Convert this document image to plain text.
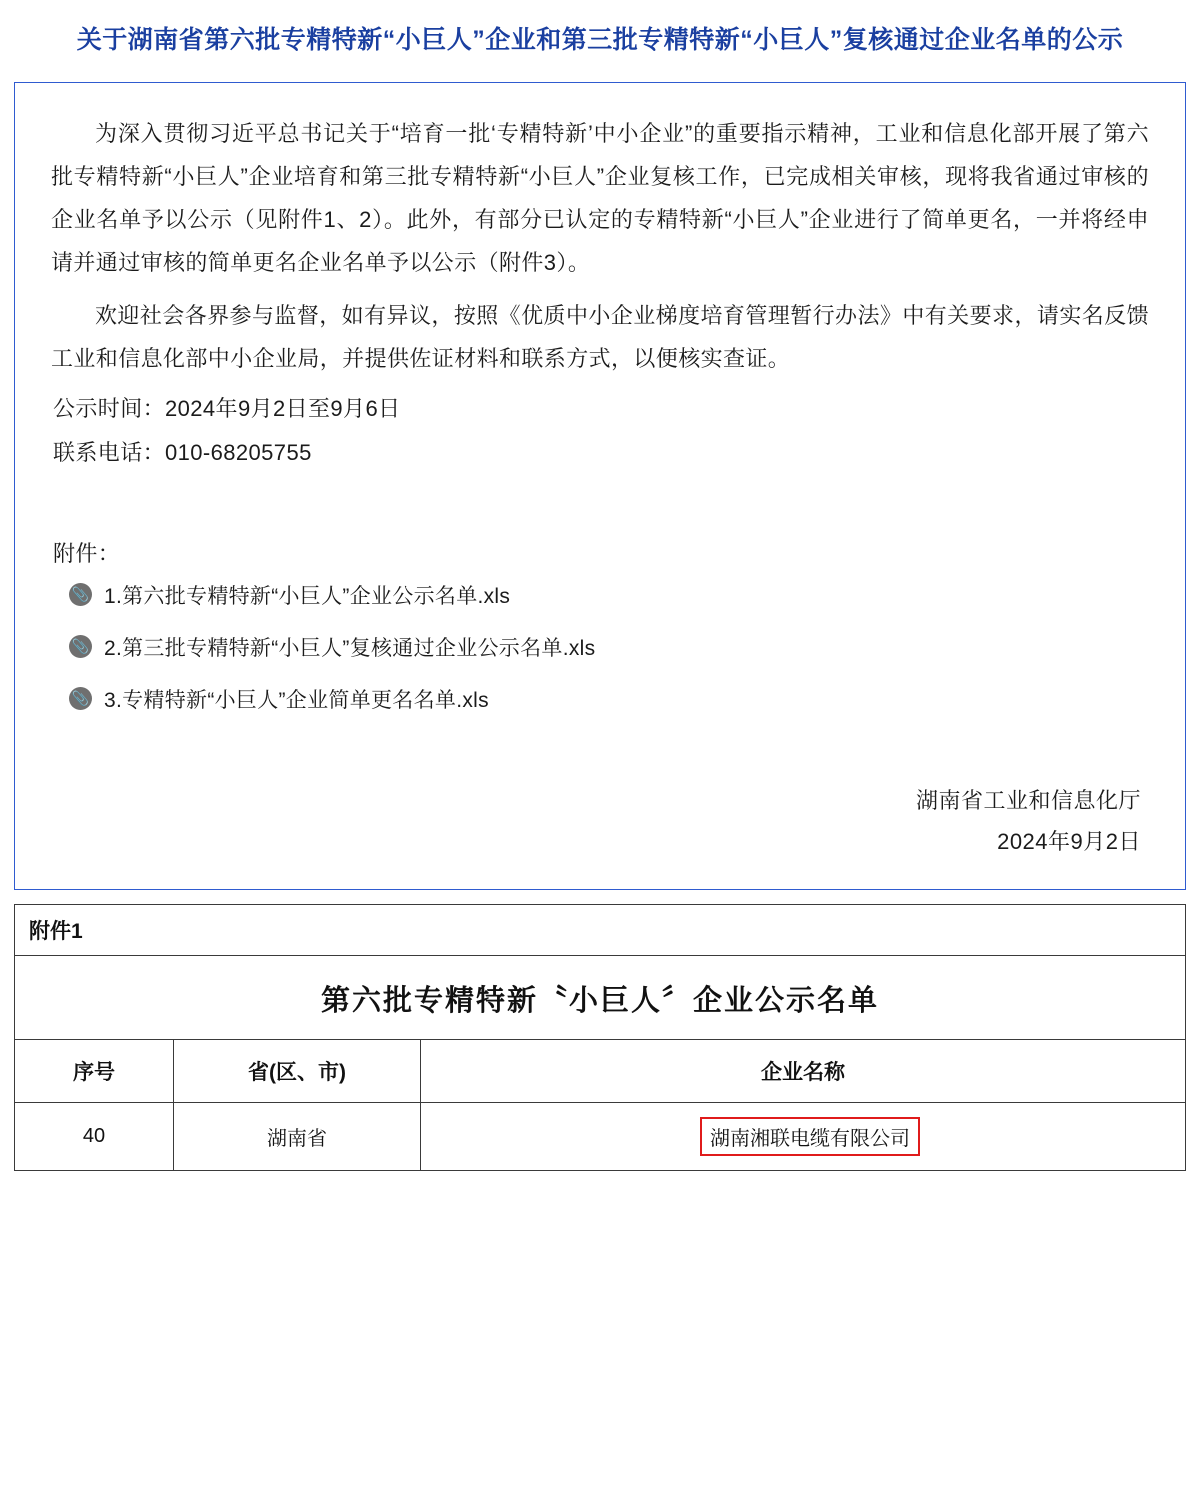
关于湖南省第六批专精特新“小巨人”企业和第三批专精特新“小巨人”复核通过企业名单的公示

为深入贯彻习近平总书记关于“培育一批‘专精特新’中小企业”的重要指示精神，工业和信息化部开展了第六批专精特新“小巨人”企业培育和第三批专精特新“小巨人”企业复核工作，已完成相关审核，现将我省通过审核的企业名单予以公示（见附件1、2）。此外，有部分已认定的专精特新“小巨人”企业进行了简单更名，一并将经申请并通过审核的简单更名企业名单予以公示（附件3）。

欢迎社会各界参与监督，如有异议，按照《优质中小企业梯度培育管理暂行办法》中有关要求，请实名反馈工业和信息化部中小企业局，并提供佐证材料和联系方式，以便核实查证。

公示时间：2024年9月2日至9月6日

联系电话：010-68205755

附件：
📎 1.第六批专精特新“小巨人”企业公示名单.xls
📎 2.第三批专精特新“小巨人”复核通过企业公示名单.xls
📎 3.专精特新“小巨人”企业简单更名名单.xls
湖南省工业和信息化厅
2024年9月2日
附件1
第六批专精特新〝小巨人〞企业公示名单
序号	省(区、市)	企业名称
40	湖南省	湖南湘联电缆有限公司
